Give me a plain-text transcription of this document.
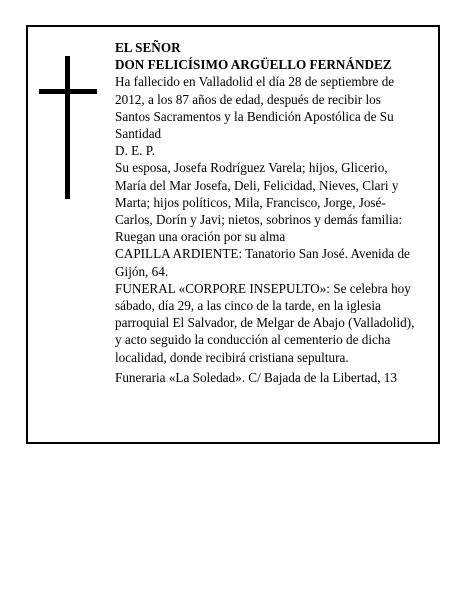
EL SEÑOR
DON FELICÍSIMO ARGÜELLO FERNÁNDEZ

Ha fallecido en Valladolid el día 28 de septiembre de 2012, a los 87 años de edad, después de recibir los Santos Sacramentos y la Bendición Apostólica de Su Santidad

D. E. P.

Su esposa, Josefa Rodríguez Varela; hijos, Gliceri​o, María del Mar Josefa, Deli, Felicidad, Nieves, Clari y Marta; hijos políticos, Mila, Francisco, Jorge, José-Carlos, Dorín y Javi; nietos, sobrinos y demás familia:

Ruegan una oración por su alma

CAPILLA ARDIENTE: Tanatorio San José. Avenida de Gijón, 64.

FUNERAL «CORPORE INSEPULTO»: Se celebra hoy sábado, día 29, a las cinco de la tarde, en la iglesia parroquial El Salvador, de Melgar de Abajo (Valladolid), y acto seguido la conducción al cementerio de dicha localidad, donde recibirá cristiana sepultura.

Funeraria «La Soledad». C/ Bajada de la Libertad, 13
